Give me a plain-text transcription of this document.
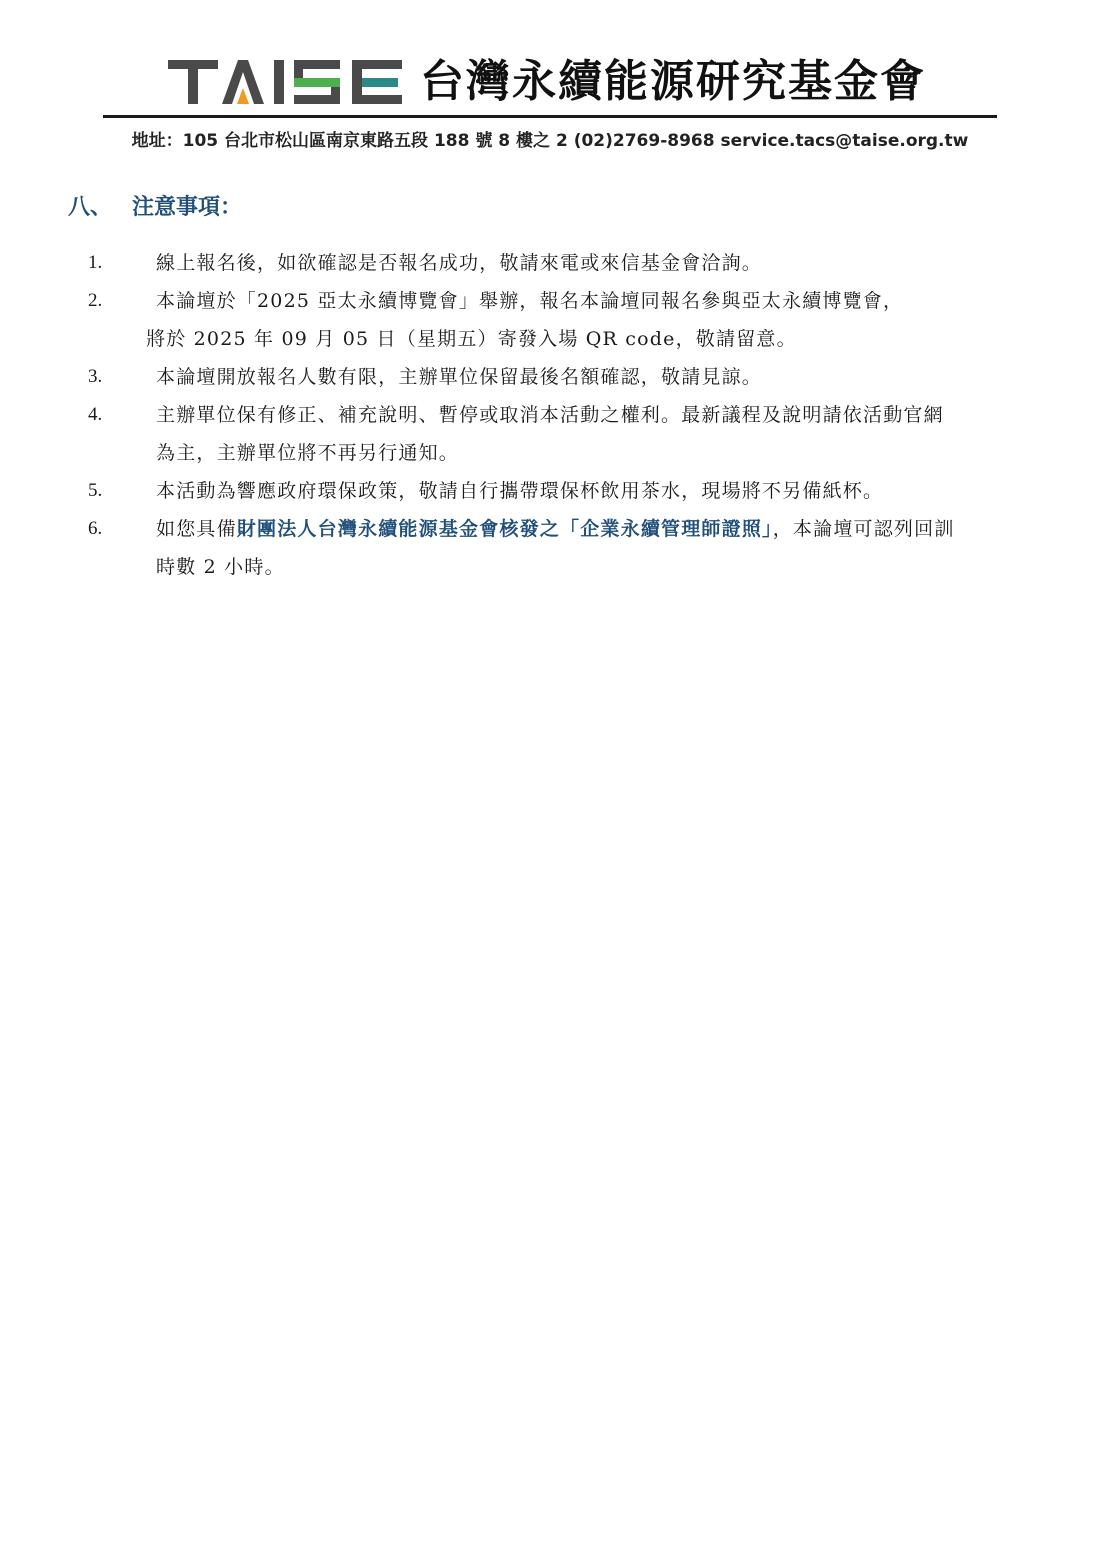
台灣永續能源研究基金會
地址：105 台北市松山區南京東路五段 188 號 8 樓之 2 (02)2769-8968 service.tacs@taise.org.tw
八、 注意事項：
1.	線上報名後，如欲確認是否報名成功，敬請來電或來信基金會洽詢。
2.	本論壇於「2025 亞太永續博覽會」舉辦，報名本論壇同報名參與亞太永續博覽會，
將於 2025 年 09 月 05 日（星期五）寄發入場 QR code，敬請留意。
3.	本論壇開放報名人數有限，主辦單位保留最後名額確認，敬請見諒。
4.	主辦單位保有修正、補充說明、暫停或取消本活動之權利。最新議程及說明請依活動官網
為主，主辦單位將不再另行通知。
5.	本活動為響應政府環保政策，敬請自行攜帶環保杯飲用茶水，現場將不另備紙杯。
6.	如您具備財團法人台灣永續能源基金會核發之「企業永續管理師證照」，本論壇可認列回訓
時數 2 小時。
